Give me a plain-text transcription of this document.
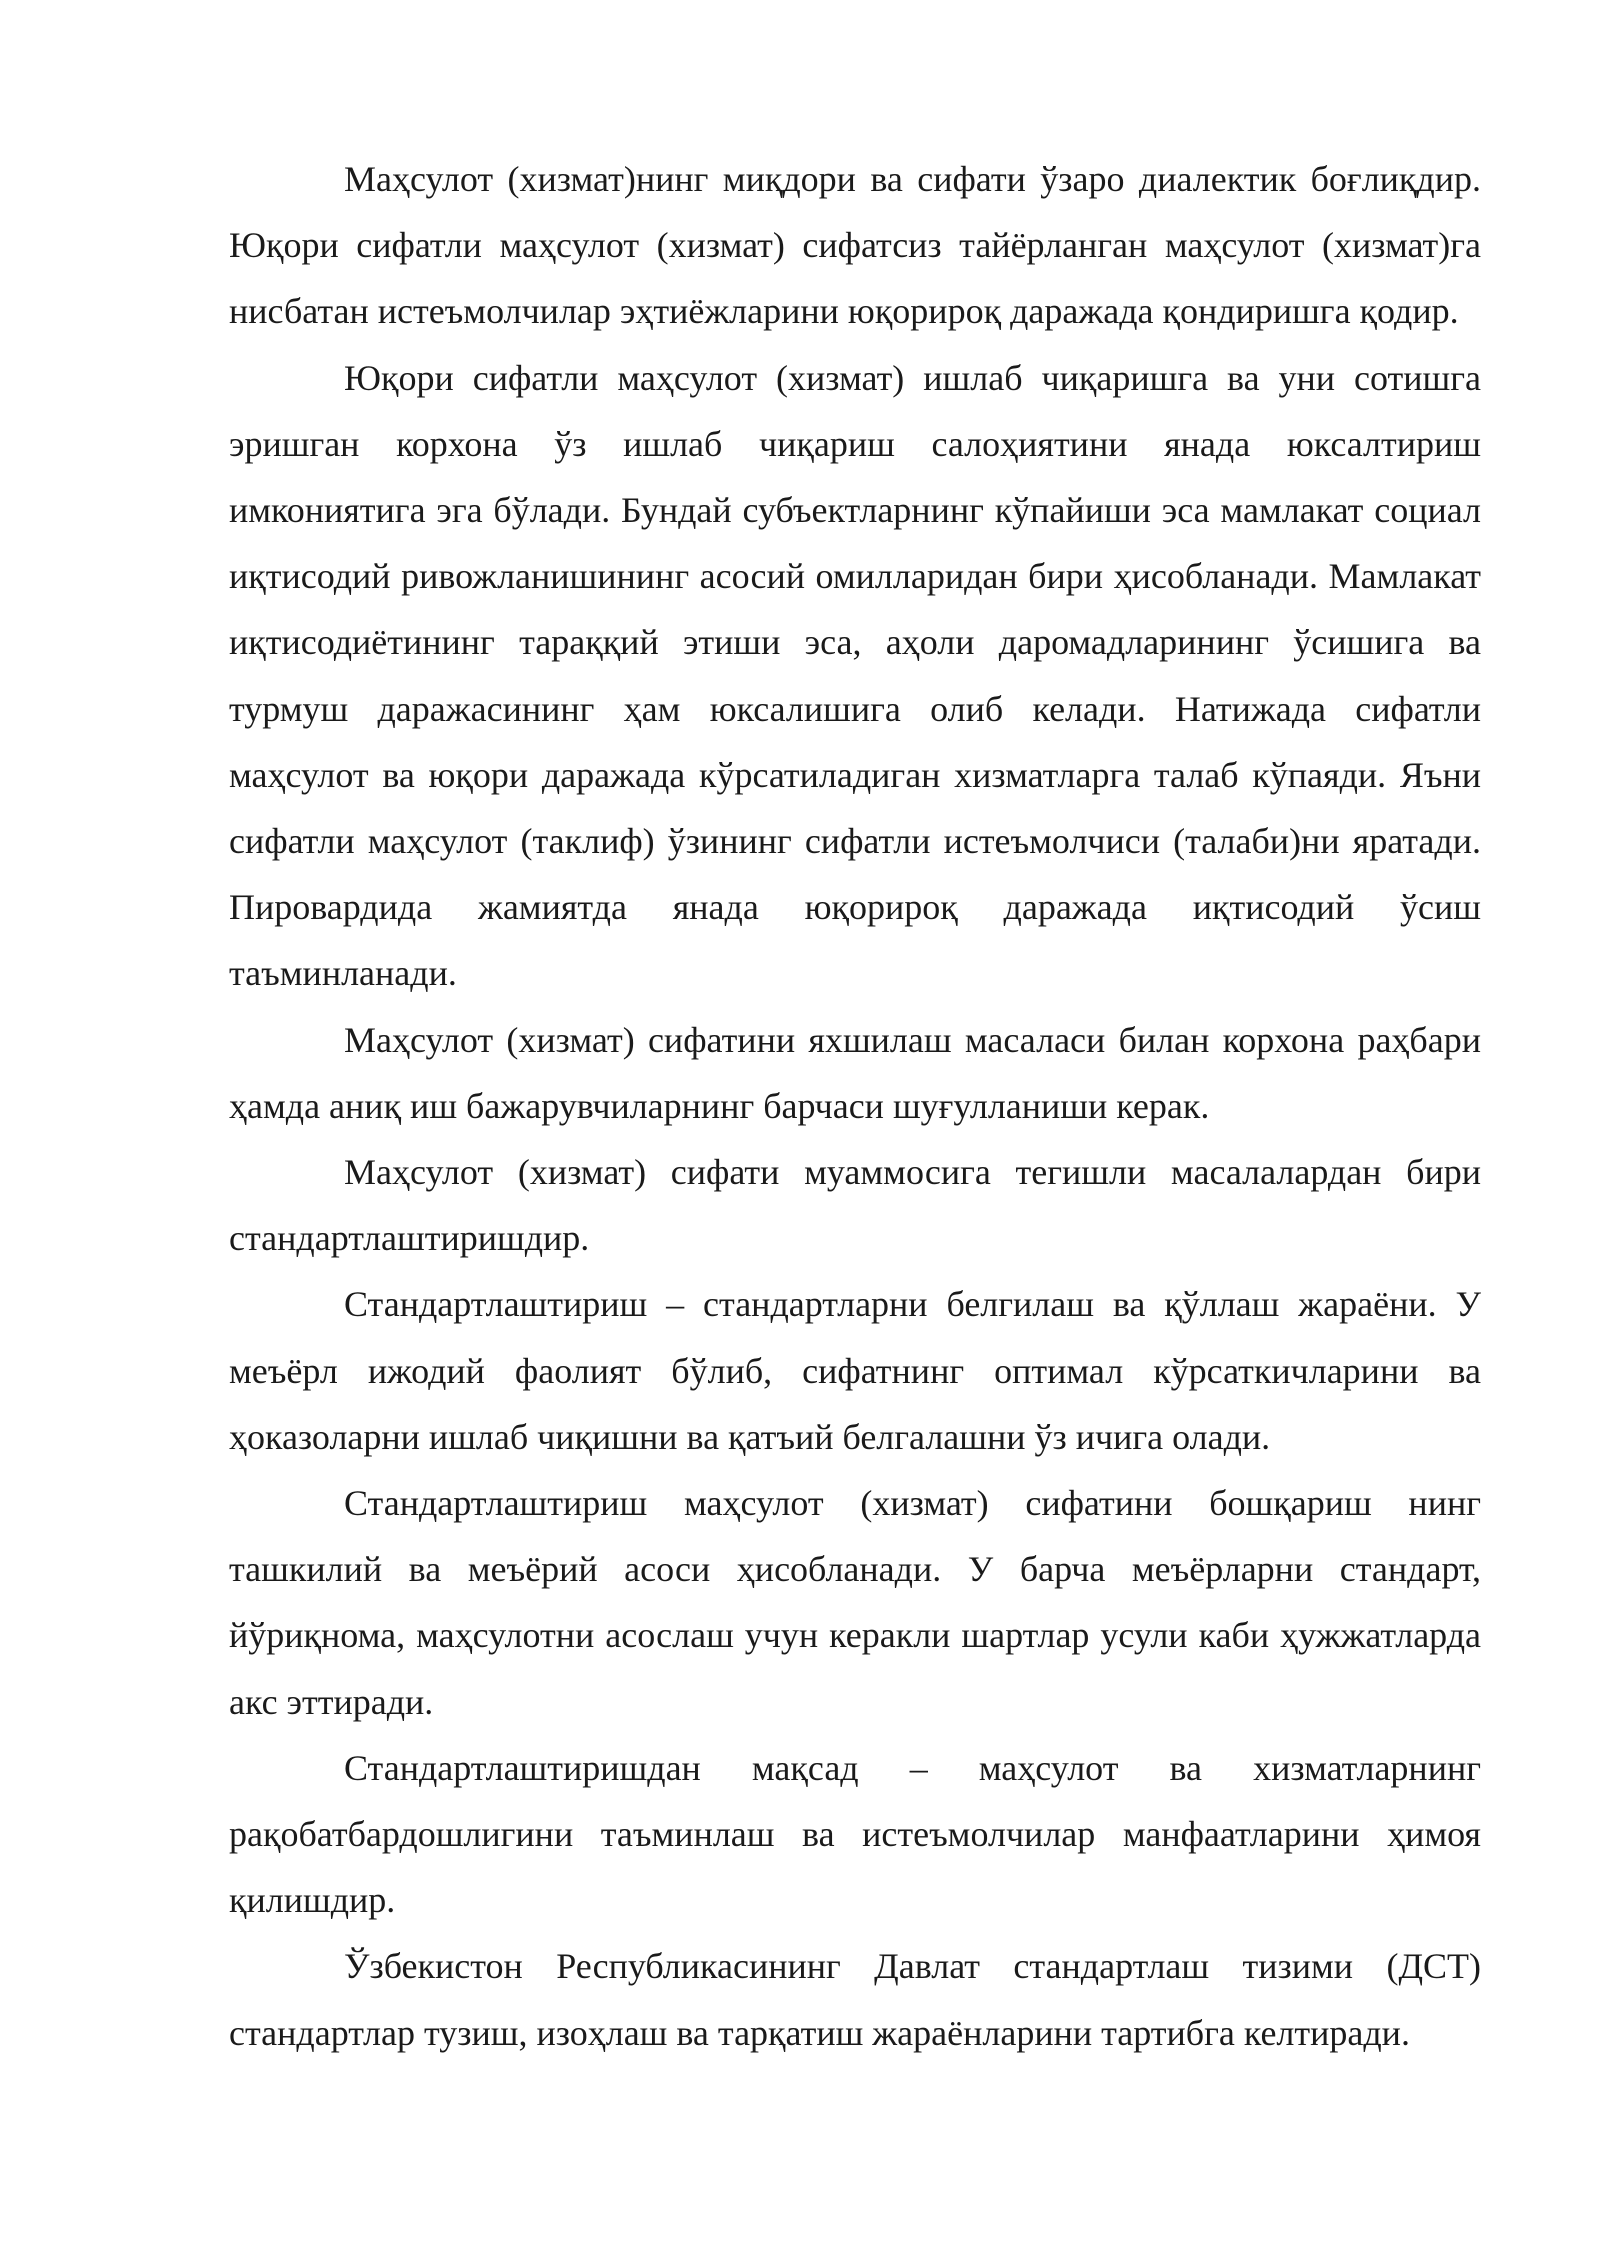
Маҳсулот (хизмат)нинг миқдори ва сифати ўзаро диалектик боғлиқдир. Юқори сифатли маҳсулот (хизмат) сифатсиз тайёрланган маҳсулот (хизмат)га нисбатан истеъмолчилар эҳтиёжларини юқорироқ даражада қондиришга қодир.

Юқори сифатли маҳсулот (хизмат) ишлаб чиқаришга ва уни сотишга эришган корхона ўз ишлаб чиқариш салоҳиятини янада юксалтириш имкониятига эга бўлади. Бундай субъектларнинг кўпайиши эса мамлакат социал иқтисодий ривожланишининг асосий омилларидан бири ҳисобланади. Мамлакат иқтисодиётининг тараққий этиши эса, аҳоли даромадларининг ўсишига ва турмуш даражасининг ҳам юксалишига олиб келади. Натижада сифатли маҳсулот ва юқори даражада кўрсатиладиган хизматларга талаб кўпаяди. Яъни сифатли маҳсулот (таклиф) ўзининг сифатли истеъмолчиси (талаби)ни яратади. Пировардида жамиятда янада юқорироқ даражада иқтисодий ўсиш таъминланади.

Маҳсулот (хизмат) сифатини яхшилаш масаласи билан корхона раҳбари ҳамда аниқ иш бажарувчиларнинг барчаси шуғулланиши керак.

Маҳсулот (хизмат) сифати муаммосига тегишли масалалардан бири стандартлаштиришдир.

Стандартлаштириш – стандартларни белгилаш ва қўллаш жараёни. У меъёрл ижодий фаолият бўлиб, сифатнинг оптимал кўрсаткичларини ва ҳоказоларни ишлаб чиқишни ва қатъий белгалашни ўз ичига олади.

Стандартлаштириш маҳсулот (хизмат) сифатини бошқариш нинг ташкилий ва меъёрий асоси ҳисобланади. У барча меъёрларни стандарт, йўриқнома, маҳсулотни асослаш учун керакли шартлар усули каби ҳужжатларда акс эттиради.

Стандартлаштиришдан мақсад – маҳсулот ва хизматларнинг рақобатбардошлигини таъминлаш ва истеъмолчилар манфаатларини ҳимоя қилишдир.

Ўзбекистон Республикасининг Давлат стандартлаш тизими (ДСТ) стандартлар тузиш, изоҳлаш ва тарқатиш жараёнларини тартибга келтиради.
